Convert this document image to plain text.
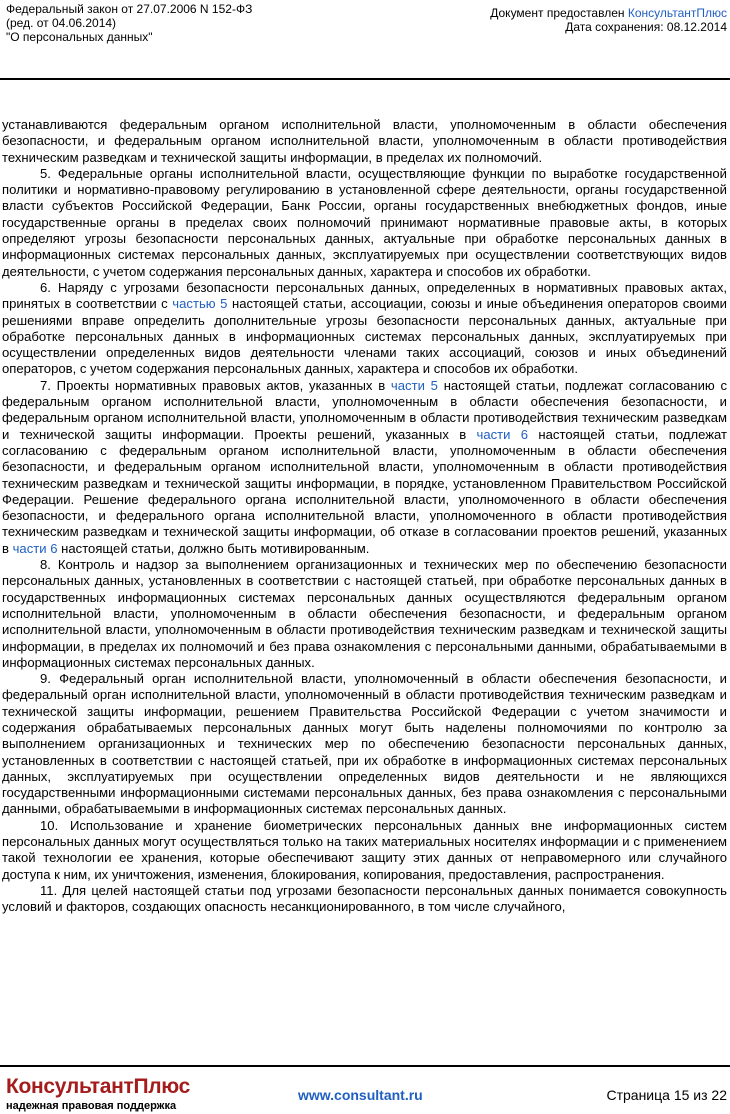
Федеральный закон от 27.07.2006 N 152-ФЗ
(ред. от 04.06.2014)
"О персональных данных"
Документ предоставлен КонсультантПлюс
Дата сохранения: 08.12.2014

устанавливаются федеральным органом исполнительной власти, уполномоченным в области обеспечения безопасности, и федеральным органом исполнительной власти, уполномоченным в области противодействия техническим разведкам и технической защиты информации, в пределах их полномочий.

5. Федеральные органы исполнительной власти, осуществляющие функции по выработке государственной политики и нормативно-правовому регулированию в установленной сфере деятельности, органы государственной власти субъектов Российской Федерации, Банк России, органы государственных внебюджетных фондов, иные государственные органы в пределах своих полномочий принимают нормативные правовые акты, в которых определяют угрозы безопасности персональных данных, актуальные при обработке персональных данных в информационных системах персональных данных, эксплуатируемых при осуществлении соответствующих видов деятельности, с учетом содержания персональных данных, характера и способов их обработки.

6. Наряду с угрозами безопасности персональных данных, определенных в нормативных правовых актах, принятых в соответствии с частью 5 настоящей статьи, ассоциации, союзы и иные объединения операторов своими решениями вправе определить дополнительные угрозы безопасности персональных данных, актуальные при обработке персональных данных в информационных системах персональных данных, эксплуатируемых при осуществлении определенных видов деятельности членами таких ассоциаций, союзов и иных объединений операторов, с учетом содержания персональных данных, характера и способов их обработки.

7. Проекты нормативных правовых актов, указанных в части 5 настоящей статьи, подлежат согласованию с федеральным органом исполнительной власти, уполномоченным в области обеспечения безопасности, и федеральным органом исполнительной власти, уполномоченным в области противодействия техническим разведкам и технической защиты информации. Проекты решений, указанных в части 6 настоящей статьи, подлежат согласованию с федеральным органом исполнительной власти, уполномоченным в области обеспечения безопасности, и федеральным органом исполнительной власти, уполномоченным в области противодействия техническим разведкам и технической защиты информации, в порядке, установленном Правительством Российской Федерации. Решение федерального органа исполнительной власти, уполномоченного в области обеспечения безопасности, и федерального органа исполнительной власти, уполномоченного в области противодействия техническим разведкам и технической защиты информации, об отказе в согласовании проектов решений, указанных в части 6 настоящей статьи, должно быть мотивированным.

8. Контроль и надзор за выполнением организационных и технических мер по обеспечению безопасности персональных данных, установленных в соответствии с настоящей статьей, при обработке персональных данных в государственных информационных системах персональных данных осуществляются федеральным органом исполнительной власти, уполномоченным в области обеспечения безопасности, и федеральным органом исполнительной власти, уполномоченным в области противодействия техническим разведкам и технической защиты информации, в пределах их полномочий и без права ознакомления с персональными данными, обрабатываемыми в информационных системах персональных данных.

9. Федеральный орган исполнительной власти, уполномоченный в области обеспечения безопасности, и федеральный орган исполнительной власти, уполномоченный в области противодействия техническим разведкам и технической защиты информации, решением Правительства Российской Федерации с учетом значимости и содержания обрабатываемых персональных данных могут быть наделены полномочиями по контролю за выполнением организационных и технических мер по обеспечению безопасности персональных данных, установленных в соответствии с настоящей статьей, при их обработке в информационных системах персональных данных, эксплуатируемых при осуществлении определенных видов деятельности и не являющихся государственными информационными системами персональных данных, без права ознакомления с персональными данными, обрабатываемыми в информационных системах персональных данных.

10. Использование и хранение биометрических персональных данных вне информационных систем персональных данных могут осуществляться только на таких материальных носителях информации и с применением такой технологии ее хранения, которые обеспечивают защиту этих данных от неправомерного или случайного доступа к ним, их уничтожения, изменения, блокирования, копирования, предоставления, распространения.

11. Для целей настоящей статьи под угрозами безопасности персональных данных понимается совокупность условий и факторов, создающих опасность несанкционированного, в том числе случайного,

КонсультантПлюс
надежная правовая поддержка
www.consultant.ru	Страница 15 из 22
